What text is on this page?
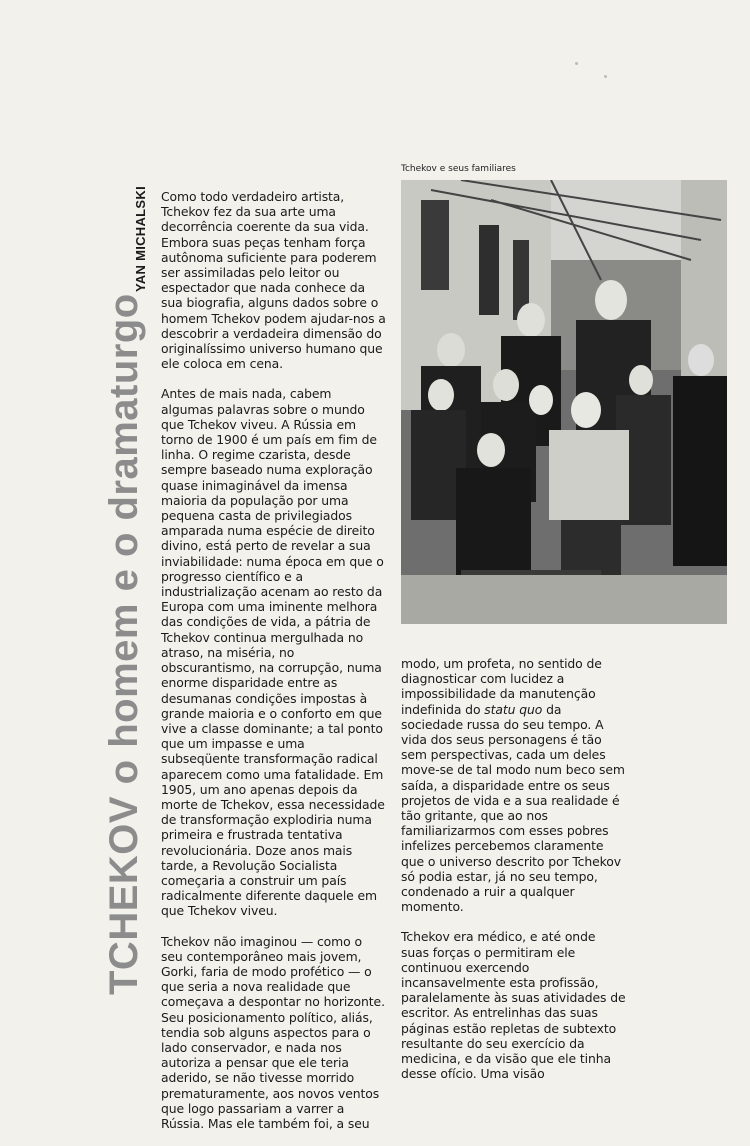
TCHEKOV o homem e o dramaturgo
YAN MICHALSKI
Tchekov e seus familiares

Como todo verdadeiro artista, Tchekov fez da sua arte uma decorrência coerente da sua vida. Embora suas peças tenham força autônoma suficiente para poderem ser assimiladas pelo leitor ou espectador que nada conhece da sua biografia, alguns dados sobre o homem Tchekov podem ajudar-nos a descobrir a verdadeira dimensão do originalíssimo universo humano que ele coloca em cena.

Antes de mais nada, cabem algumas palavras sobre o mundo que Tchekov viveu. A Rússia em torno de 1900 é um país em fim de linha. O regime czarista, desde sempre baseado numa exploração quase inimaginável da imensa maioria da população por uma pequena casta de privilegiados amparada numa espécie de direito divino, está perto de revelar a sua inviabilidade: numa época em que o progresso científico e a industrialização acenam ao resto da Europa com uma iminente melhora das condições de vida, a pátria de Tchekov continua mergulhada no atraso, na miséria, no obscurantismo, na corrupção, numa enorme disparidade entre as desumanas condições impostas à grande maioria e o conforto em que vive a classe dominante; a tal ponto que um impasse e uma subseqüente transformação radical aparecem como uma fatalidade. Em 1905, um ano apenas depois da morte de Tchekov, essa necessidade de transformação explodiria numa primeira e frustrada tentativa revolucionária. Doze anos mais tarde, a Revolução Socialista começaria a construir um país radicalmente diferente daquele em que Tchekov viveu.

Tchekov não imaginou — como o seu contemporâneo mais jovem, Gorki, faria de modo profético — o que seria a nova realidade que começava a despontar no horizonte. Seu posicionamento político, aliás, tendia sob alguns aspectos para o lado conservador, e nada nos autoriza a pensar que ele teria aderido, se não tivesse morrido prematuramente, aos novos ventos que logo passariam a varrer a Rússia. Mas ele também foi, a seu

modo, um profeta, no sentido de diagnosticar com lucidez a impossibilidade da manutenção indefinida do statu quo da sociedade russa do seu tempo. A vida dos seus personagens é tão sem perspectivas, cada um deles move-se de tal modo num beco sem saída, a disparidade entre os seus projetos de vida e a sua realidade é tão gritante, que ao nos familiarizarmos com esses pobres infelizes percebemos claramente que o universo descrito por Tchekov só podia estar, já no seu tempo, condenado a ruir a qualquer momento.

Tchekov era médico, e até onde suas forças o permitiram ele continuou exercendo incansavelmente esta profissão, paralelamente às suas atividades de escritor. As entrelinhas das suas páginas estão repletas de subtexto resultante do seu exercício da medicina, e da visão que ele tinha desse ofício. Uma visão
